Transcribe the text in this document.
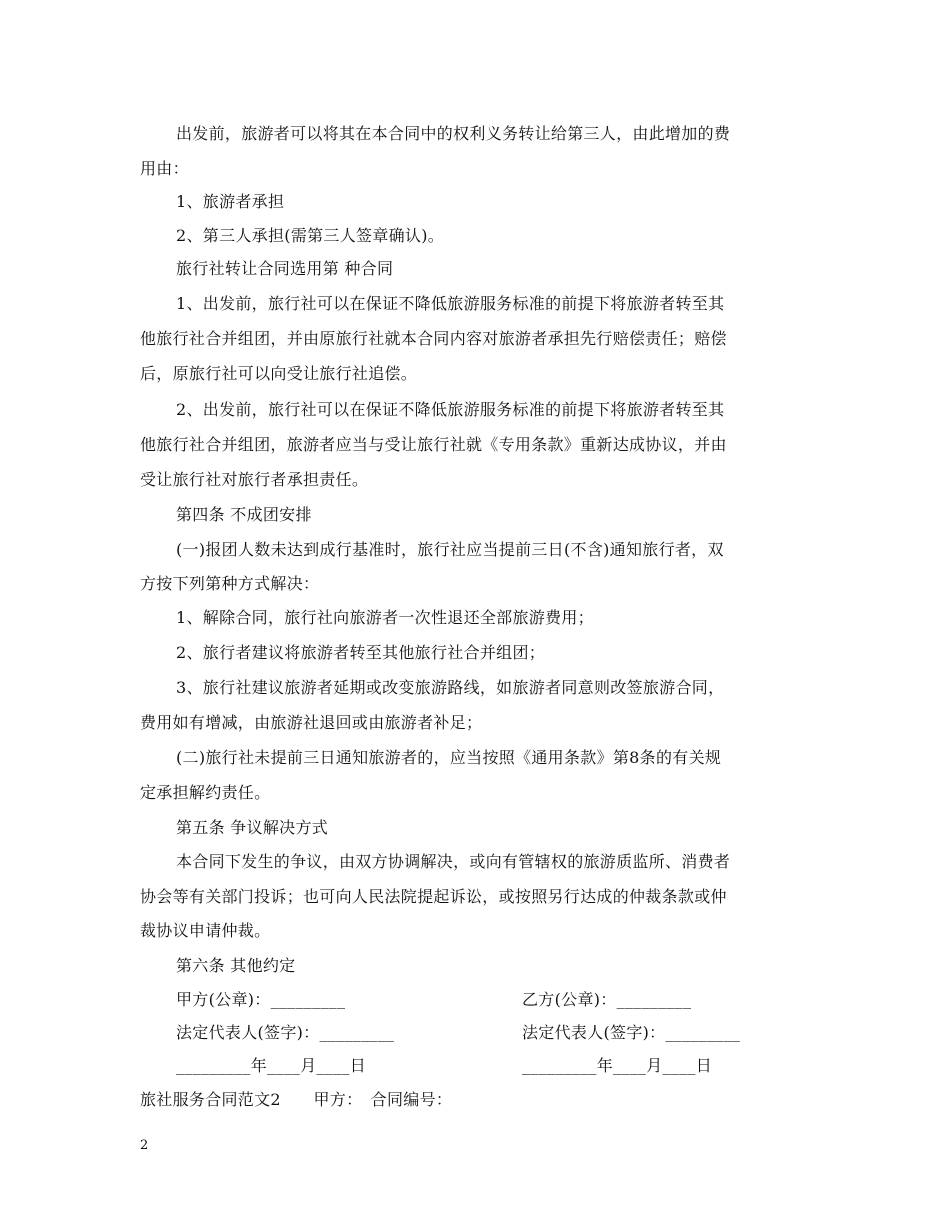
出发前，旅游者可以将其在本合同中的权利义务转让给第三人，由此增加的费
用由：
1、旅游者承担
2、第三人承担(需第三人签章确认)。
旅行社转让合同选用第 种合同
1、出发前，旅行社可以在保证不降低旅游服务标准的前提下将旅游者转至其
他旅行社合并组团，并由原旅行社就本合同内容对旅游者承担先行赔偿责任；赔偿
后，原旅行社可以向受让旅行社追偿。
2、出发前，旅行社可以在保证不降低旅游服务标准的前提下将旅游者转至其
他旅行社合并组团，旅游者应当与受让旅行社就《专用条款》重新达成协议，并由
受让旅行社对旅行者承担责任。
第四条 不成团安排
(一)报团人数未达到成行基准时，旅行社应当提前三日(不含)通知旅行者，双
方按下列第种方式解决：
1、解除合同，旅行社向旅游者一次性退还全部旅游费用；
2、旅行者建议将旅游者转至其他旅行社合并组团；
3、旅行社建议旅游者延期或改变旅游路线，如旅游者同意则改签旅游合同，
费用如有增减，由旅游社退回或由旅游者补足；
(二)旅行社未提前三日通知旅游者的，应当按照《通用条款》第8条的有关规
定承担解约责任。
第五条 争议解决方式
本合同下发生的争议，由双方协调解决，或向有管辖权的旅游质监所、消费者
协会等有关部门投诉；也可向人民法院提起诉讼，或按照另行达成的仲裁条款或仲
裁协议申请仲裁。
第六条 其他约定
甲方(公章)：_________	乙方(公章)：_________
法定代表人(签字)：_________	法定代表人(签字)：_________
_________年____月____日	_________年____月____日
旅社服务合同范文2　　甲方：　合同编号：
2
